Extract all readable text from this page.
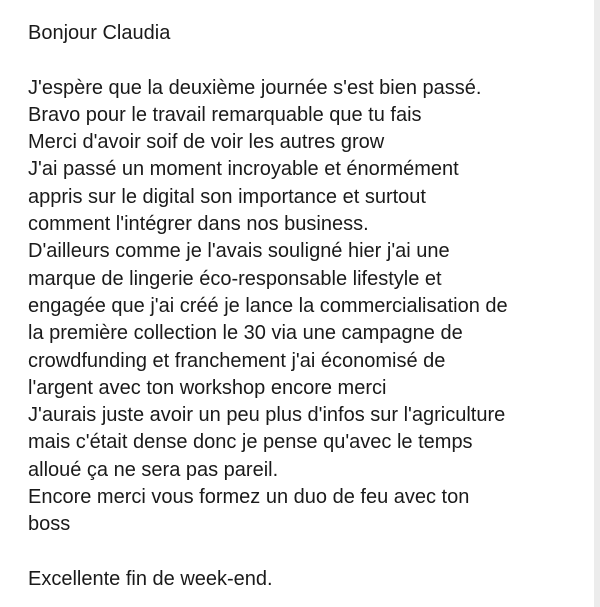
Bonjour Claudia
J'espère que la deuxième journée s'est bien passé.
Bravo pour le travail remarquable que tu fais
Merci d'avoir soif de voir les autres grow
J'ai passé un moment incroyable et énormément
appris sur le digital son importance et surtout
comment l'intégrer dans nos business.
D'ailleurs comme je l'avais souligné hier j'ai une
marque de lingerie éco-responsable lifestyle et
engagée que j'ai créé je lance la commercialisation de
la première collection le 30 via une campagne de
crowdfunding et franchement j'ai économisé de
l'argent avec ton workshop encore merci
J'aurais juste avoir un peu plus d'infos sur l'agriculture
mais c'était dense donc je pense qu'avec le temps
alloué ça ne sera pas pareil.
Encore merci vous formez un duo de feu avec ton
boss
Excellente fin de week-end.
